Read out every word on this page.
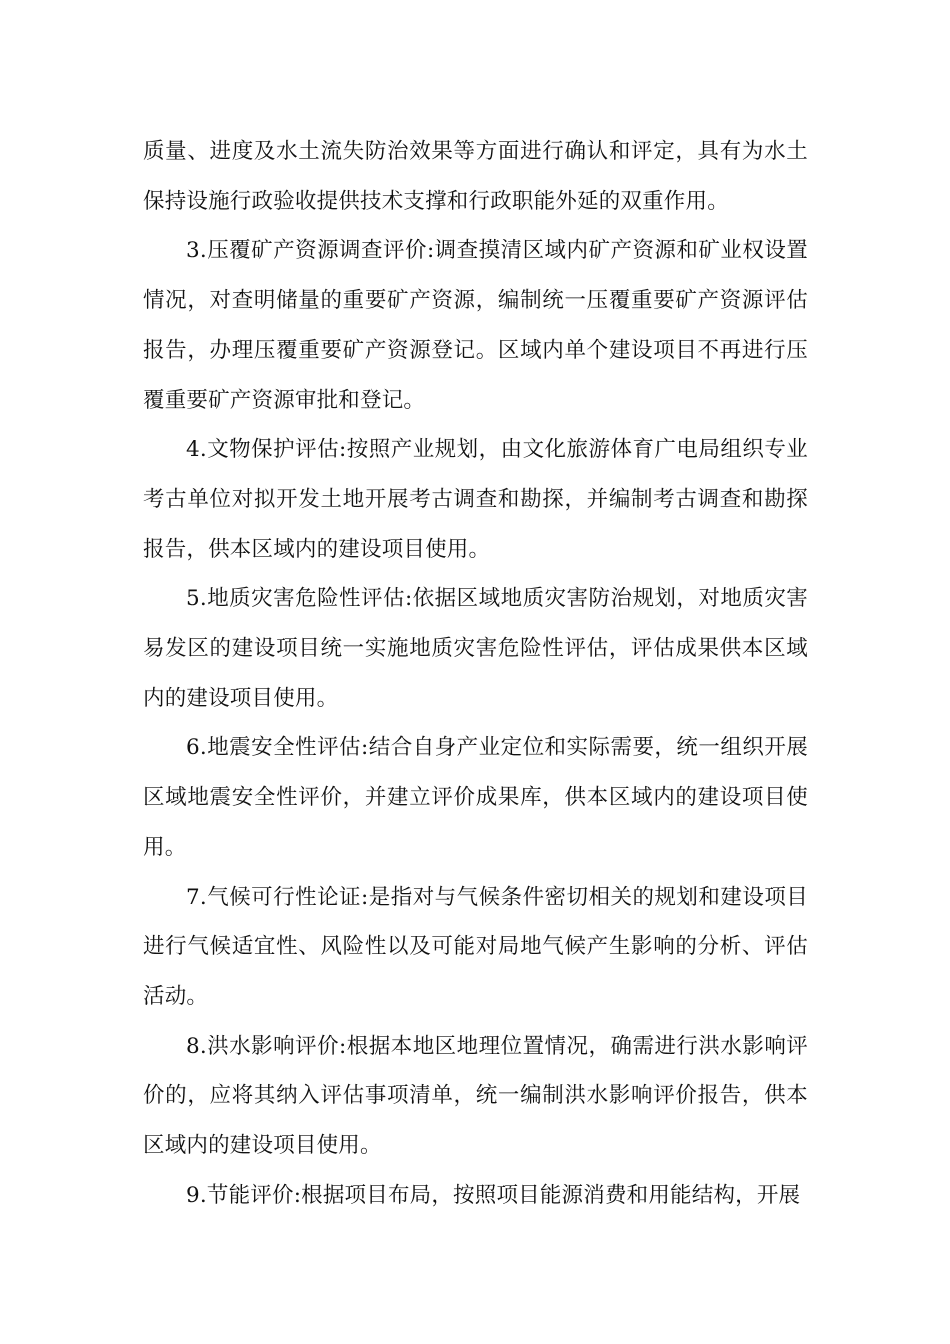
质量、进度及水土流失防治效果等方面进行确认和评定，具有为水土保持设施行政验收提供技术支撑和行政职能外延的双重作用。

3.压覆矿产资源调查评价:调查摸清区域内矿产资源和矿业权设置情况，对查明储量的重要矿产资源，编制统一压覆重要矿产资源评估报告，办理压覆重要矿产资源登记。区域内单个建设项目不再进行压覆重要矿产资源审批和登记。

4.文物保护评估:按照产业规划，由文化旅游体育广电局组织专业考古单位对拟开发土地开展考古调查和勘探，并编制考古调查和勘探报告，供本区域内的建设项目使用。

5.地质灾害危险性评估:依据区域地质灾害防治规划，对地质灾害易发区的建设项目统一实施地质灾害危险性评估，评估成果供本区域内的建设项目使用。

6.地震安全性评估:结合自身产业定位和实际需要，统一组织开展区域地震安全性评价，并建立评价成果库，供本区域内的建设项目使用。

7.气候可行性论证:是指对与气候条件密切相关的规划和建设项目进行气候适宜性、风险性以及可能对局地气候产生影响的分析、评估活动。

8.洪水影响评价:根据本地区地理位置情况，确需进行洪水影响评价的，应将其纳入评估事项清单，统一编制洪水影响评价报告，供本区域内的建设项目使用。

9.节能评价:根据项目布局，按照项目能源消费和用能结构，开展
